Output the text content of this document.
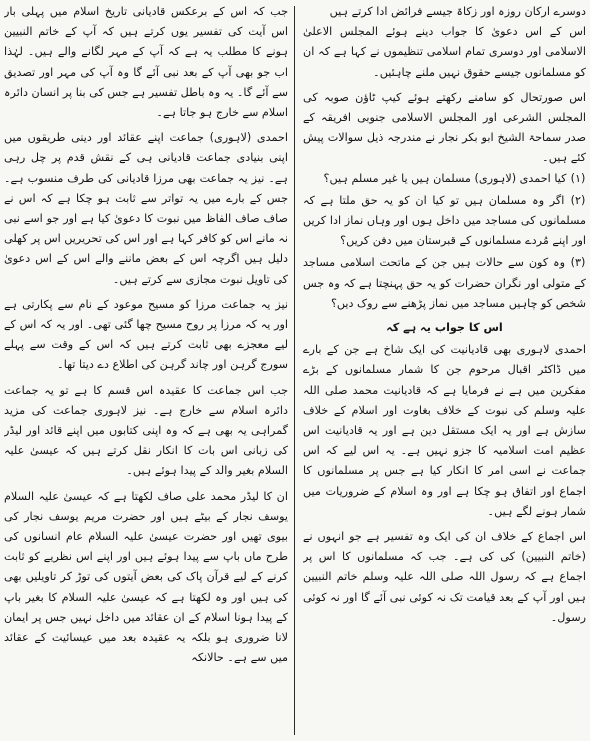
دوسرے ارکان روزہ اور زکاۃ جیسے فرائض ادا کرتے ہیں

اس کے اس دعویٰ کا جواب دینے ہوئے المجلس الاعلیٰ الاسلامی اور دوسری تمام اسلامی تنظیموں نے کہا ہے کہ ان کو مسلمانوں جیسے حقوق نہیں ملنے چاہئیں۔

اس صورتحال کو سامنے رکھتے ہوئے کیپ ٹاؤن صوبہ کی المجلس الشرعی اور المجلس الاسلامی جنوبی افریقہ کے صدر سماحۃ الشیخ ابو بکر نجار نے مندرجہ ذیل سوالات پیش کئے ہیں۔

(۱) کیا احمدی (لاہوری) مسلمان ہیں یا غیر مسلم ہیں؟

(۲) اگر وہ مسلمان ہیں تو کیا ان کو یہ حق ملتا ہے کہ مسلمانوں کی مساجد میں داخل ہوں اور وہاں نماز ادا کریں اور اپنے مُردے مسلمانوں کے قبرستان میں دفن کریں؟

(۳) وہ کون سے حالات ہیں جن کے ماتحت اسلامی مساجد کے متولی اور نگران حضرات کو یہ حق پہنچتا ہے کہ وہ جس شخص کو چاہیں مساجد میں نماز پڑھنے سے روک دیں؟

اس کا جواب یہ ہے کہ

احمدی لاہوری بھی قادیانیت کی ایک شاخ ہے جن کے بارے میں ڈاکٹر اقبال مرحوم جن کا شمار مسلمانوں کے بڑے مفکرین میں ہے نے فرمایا ہے کہ قادیانیت محمد صلی اللہ علیہ وسلم کی نبوت کے خلاف بغاوت اور اسلام کے خلاف سازش ہے اور یہ ایک مستقل دین ہے اور یہ قادیانیت اس عظیم امت اسلامیہ کا جزو نہیں ہے۔ یہ اس لیے کہ اس جماعت نے اسی امر کا انکار کیا ہے جس پر مسلمانوں کا اجماع اور اتفاق ہو چکا ہے اور وہ اسلام کے ضروریات میں شمار ہونے لگے ہیں۔

اس اجماع کے خلاف ان کی ایک وہ تفسیر ہے جو انہوں نے (خاتم النبیین) کی کی ہے۔ جب کہ مسلمانوں کا اس پر اجماع ہے کہ رسول اللہ صلی اللہ علیہ وسلم خاتم النبیین ہیں اور آپ کے بعد قیامت تک نہ کوئی نبی آئے گا اور نہ کوئی رسول۔

جب کہ اس کے برعکس قادیانی تاریخ اسلام میں پہلی بار اس آیت کی تفسیر یوں کرتے ہیں کہ آپ کے خاتم النبیین ہونے کا مطلب یہ ہے کہ آپ کے مہر لگانے والے ہیں۔ لہٰذا اب جو بھی آپ کے بعد نبی آئے گا وہ آپ کی مہر اور تصدیق سے آئے گا۔ یہ وہ باطل تفسیر ہے جس کی بنا پر انسان دائرہ اسلام سے خارج ہو جاتا ہے۔

احمدی (لاہوری) جماعت اپنے عقائد اور دینی طریقوں میں اپنی بنیادی جماعت قادیانی ہی کے نقش قدم پر چل رہی ہے۔ نیز یہ جماعت بھی مرزا قادیانی کی طرف منسوب ہے۔ جس کے بارے میں یہ تواتر سے ثابت ہو چکا ہے کہ اس نے صاف صاف الفاظ میں نبوت کا دعویٰ کیا ہے اور جو اسے نبی نہ مانے اس کو کافر کہا ہے اور اس کی تحریریں اس پر کھلی دلیل ہیں اگرچہ اس کے بعض ماننے والے اس کے اس دعویٰ کی تاویل نبوت مجازی سے کرتے ہیں۔

نیز یہ جماعت مرزا کو مسیح موعود کے نام سے پکارتی ہے اور یہ کہ مرزا پر روح مسیح چھا گئی تھی۔ اور یہ کہ اس کے لیے معجزے بھی ثابت کرتے ہیں کہ اس کے وقت سے پہلے سورج گرہن اور چاند گرہن کی اطلاع دے دیتا تھا۔

جب اس جماعت کا عقیدہ اس قسم کا ہے تو یہ جماعت دائرہ اسلام سے خارج ہے۔ نیز لاہوری جماعت کی مزید گمراہی یہ بھی ہے کہ وہ اپنی کتابوں میں اپنے قائد اور لیڈر کی زبانی اس بات کا انکار نقل کرتے ہیں کہ عیسیٰ علیہ السلام بغیر والد کے پیدا ہوئے ہیں۔

ان کا لیڈر محمد علی صاف لکھتا ہے کہ عیسیٰ علیہ السلام یوسف نجار کے بیٹے ہیں اور حضرت مریم یوسف نجار کی بیوی تھیں اور حضرت عیسیٰ علیہ السلام عام انسانوں کی طرح ماں باپ سے پیدا ہوئے ہیں اور اپنے اس نظریے کو ثابت کرنے کے لیے قرآن پاک کی بعض آیتوں کی توڑ کر تاویلیں بھی کی ہیں اور وہ لکھتا ہے کہ عیسیٰ علیہ السلام کا بغیر باپ کے پیدا ہونا اسلام کے ان عقائد میں داخل نہیں جس پر ایمان لانا ضروری ہو بلکہ یہ عقیدہ بعد میں عیسائیت کے عقائد میں سے ہے۔ حالانکہ
